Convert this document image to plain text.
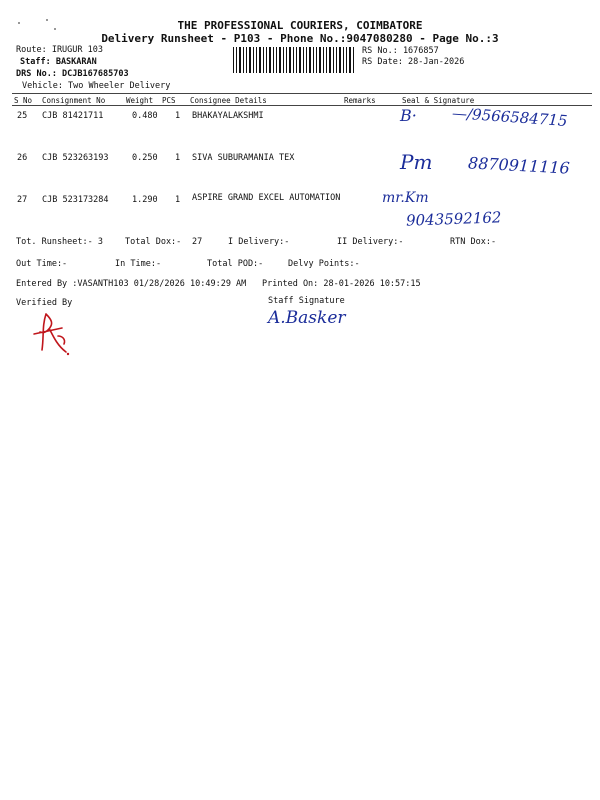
THE PROFESSIONAL COURIERS, COIMBATORE
Delivery Runsheet - P103 - Phone No.:9047080280 - Page No.:3
Route: IRUGUR 103
Staff: BASKARAN
DRS No.: DCJB167685703
Vehicle: Two Wheeler Delivery
RS No.: 1676857
RS Date: 28-Jan-2026
S No Consignment No	Weight PCS Consignee Details	Remarks	Seal & Signature
25 CJB 81421711	0.480 1 BHAKAYALAKSHMI	B· —/9566584715
26 CJB 523263193	0.250 1 SIVA SUBURAMANIA TEX	Pm 8870911116
27 CJB 523173284	1.290 1 ASPIRE GRAND EXCEL AUTOMATION	mr.Km
9043592162
Tot. Runsheet:- 3	Total Dox:- 27	I Delivery:-	II Delivery:-	RTN Dox:-
Out Time:-	In Time:-	Total POD:-	Delvy Points:-
Entered By :VASANTH103 01/28/2026 10:49:29 AM Printed On: 28-01-2026 10:57:15
Verified By	Staff Signature
A.Basker
